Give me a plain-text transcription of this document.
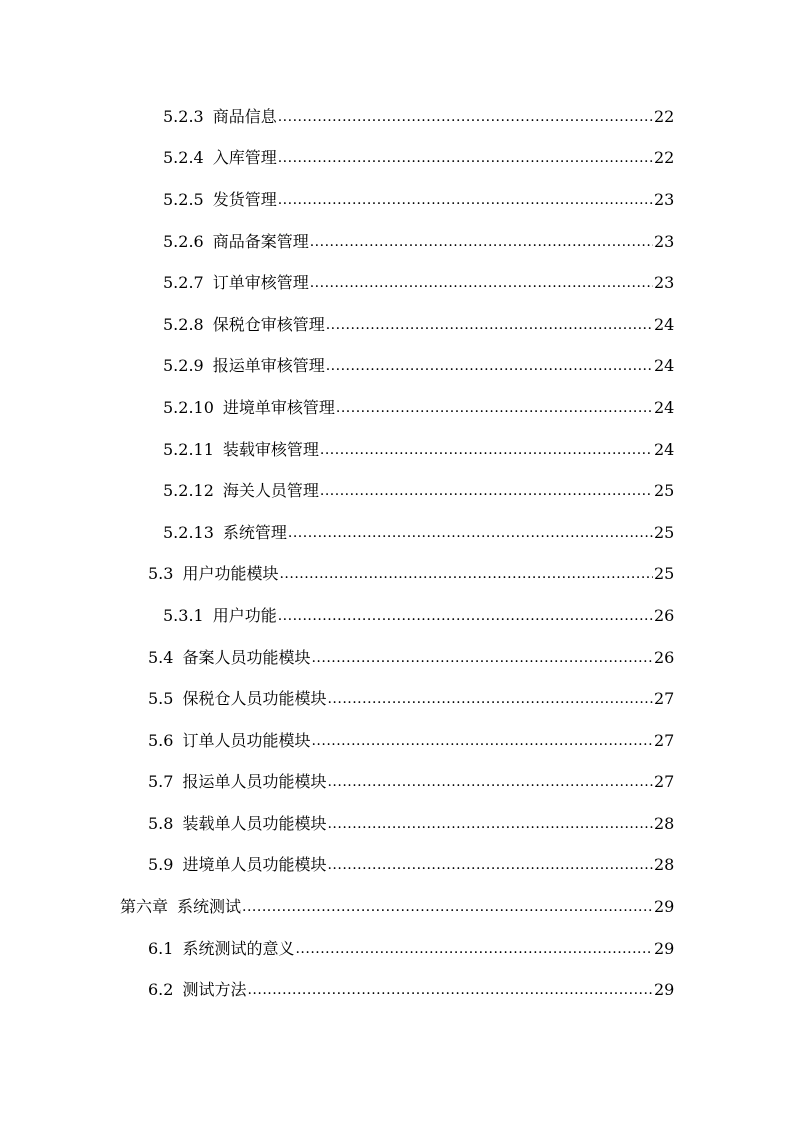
5.2.3 商品信息 .....	22
5.2.4 入库管理 .....	22
5.2.5 发货管理 .....	23
5.2.6 商品备案管理 .....	23
5.2.7 订单审核管理 .....	23
5.2.8 保税仓审核管理 .....	24
5.2.9 报运单审核管理 .....	24
5.2.10 进境单审核管理 .....	24
5.2.11 装载审核管理 .....	24
5.2.12 海关人员管理 .....	25
5.2.13 系统管理 .....	25
5.3 用户功能模块 .....	25
5.3.1 用户功能 .....	26
5.4 备案人员功能模块 .....	26
5.5 保税仓人员功能模块 .....	27
5.6 订单人员功能模块 .....	27
5.7 报运单人员功能模块 .....	27
5.8 装载单人员功能模块 .....	28
5.9 进境单人员功能模块 .....	28
第六章 系统测试 .....	29
6.1 系统测试的意义 .....	29
6.2 测试方法 .....	29
